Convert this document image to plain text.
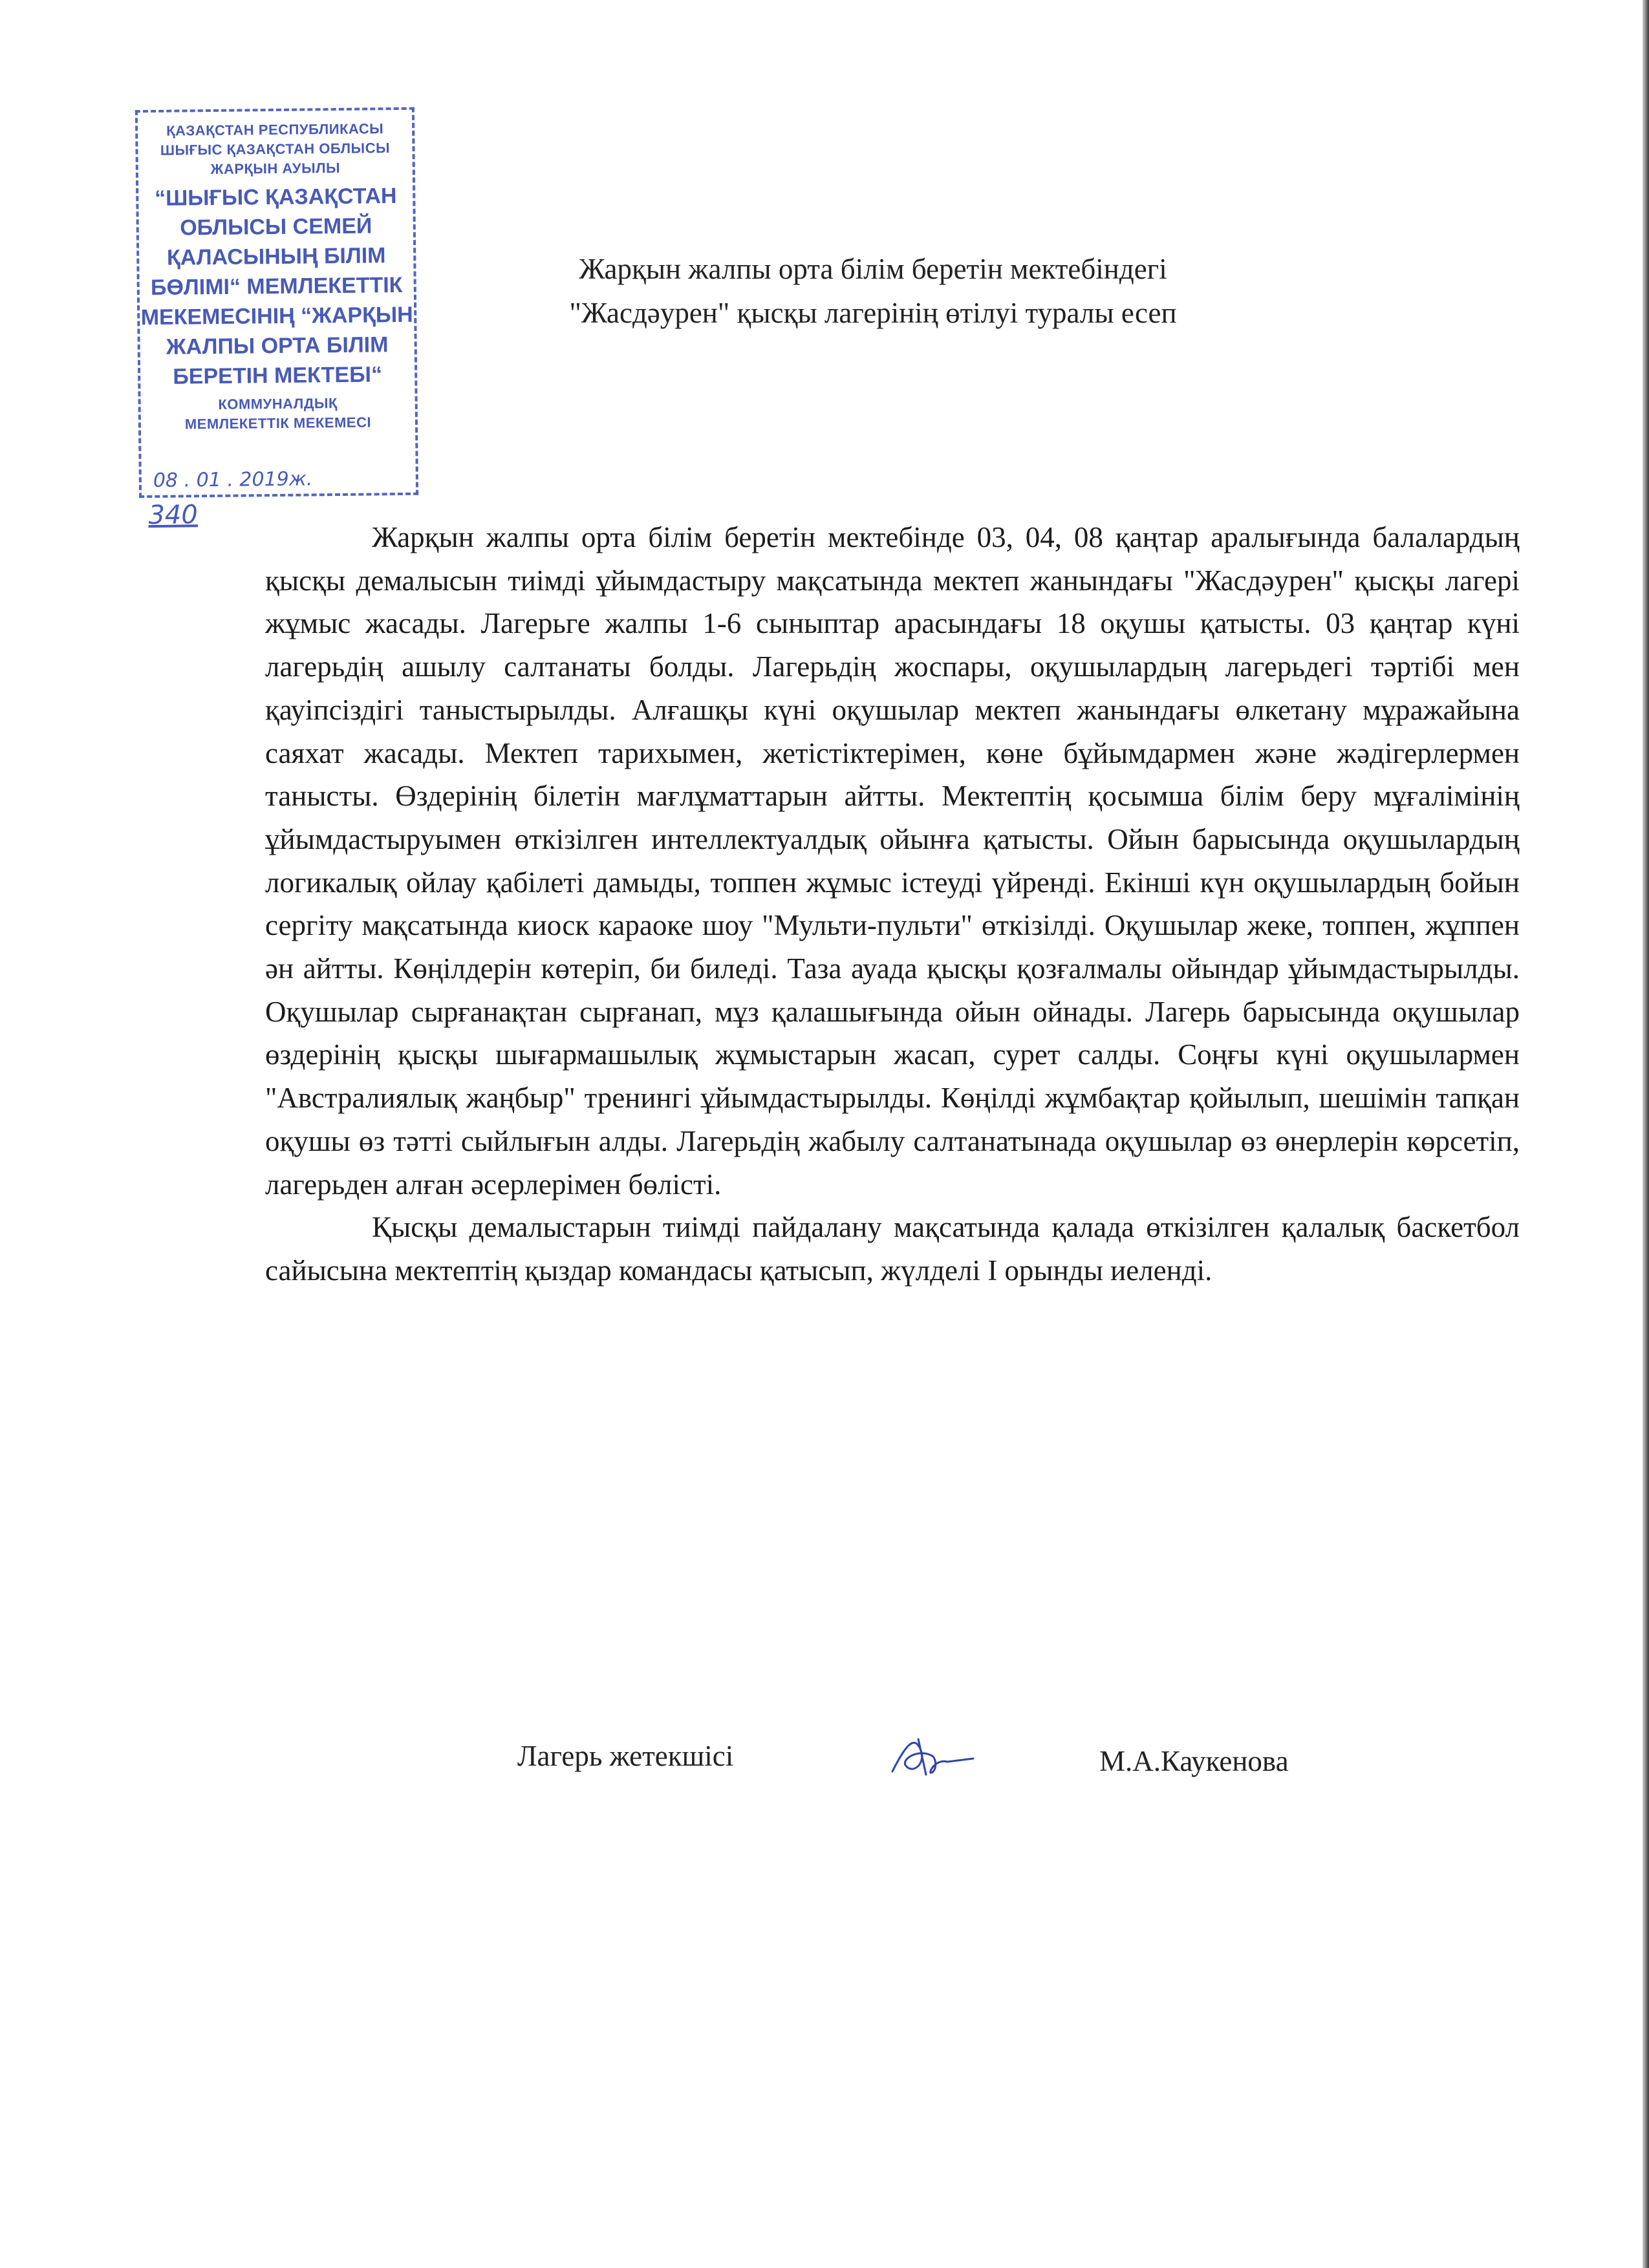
ҚАЗАҚСТАН РЕСПУБЛИКАСЫ
ШЫҒЫС ҚАЗАҚСТАН ОБЛЫСЫ
ЖАРҚЫН АУЫЛЫ
“ШЫҒЫС ҚАЗАҚСТАН
ОБЛЫСЫ СЕМЕЙ
ҚАЛАСЫНЫҢ БІЛІМ
БӨЛІМІ“ МЕМЛЕКЕТТІК
МЕКЕМЕСІНІҢ “ЖАРҚЫН
ЖАЛПЫ ОРТА БІЛІМ
БЕРЕТІН МЕКТЕБІ“
КОММУНАЛДЫҚ
МЕМЛЕКЕТТІК МЕКЕМЕСІ
08 . 01 . 2019ж.
340
Жарқын жалпы орта білім беретін мектебіндегі
"Жасдәурен" қысқы лагерінің өтілуі туралы есеп

Жарқын жалпы орта білім беретін мектебінде 03, 04, 08 қаңтар аралығында балалардың қысқы демалысын тиімді ұйымдастыру мақсатында мектеп жанындағы "Жасдәурен" қысқы лагері жұмыс жасады. Лагерьге жалпы 1-6 сыныптар арасындағы 18 оқушы қатысты. 03 қаңтар күні лагерьдің ашылу салтанаты болды. Лагерьдің жоспары, оқушылардың лагерьдегі тәртібі мен қауіпсіздігі таныстырылды. Алғашқы күні оқушылар мектеп жанындағы өлкетану мұражайына саяхат жасады. Мектеп тарихымен, жетістіктерімен, көне бұйымдармен және жәдігерлермен танысты. Өздерінің білетін мағлұматтарын айтты. Мектептің қосымша білім беру мұғалімінің ұйымдастыруымен өткізілген интеллектуалдық ойынға қатысты. Ойын барысында оқушылардың логикалық ойлау қабілеті дамыды, топпен жұмыс істеуді үйренді. Екінші күн оқушылардың бойын сергіту мақсатында киоск караоке шоу "Мульти-пульти" өткізілді. Оқушылар жеке, топпен, жұппен ән айтты. Көңілдерін көтеріп, би биледі. Таза ауада қысқы қозғалмалы ойындар ұйымдастырылды. Оқушылар сырғанақтан сырғанап, мұз қалашығында ойын ойнады. Лагерь барысында оқушылар өздерінің қысқы шығармашылық жұмыстарын жасап, сурет салды. Соңғы күні оқушылармен "Австралиялық жаңбыр" тренингі ұйымдастырылды. Көңілді жұмбақтар қойылып, шешімін тапқан оқушы өз тәтті сыйлығын алды. Лагерьдің жабылу салтанатынада оқушылар өз өнерлерін көрсетіп, лагерьден алған әсерлерімен бөлісті.

Қысқы демалыстарын тиімді пайдалану мақсатында қалада өткізілген қалалық баскетбол сайысына мектептің қыздар командасы қатысып, жүлделі І орынды иеленді.

Лагерь жетекшісі	М.А.Каукенова
